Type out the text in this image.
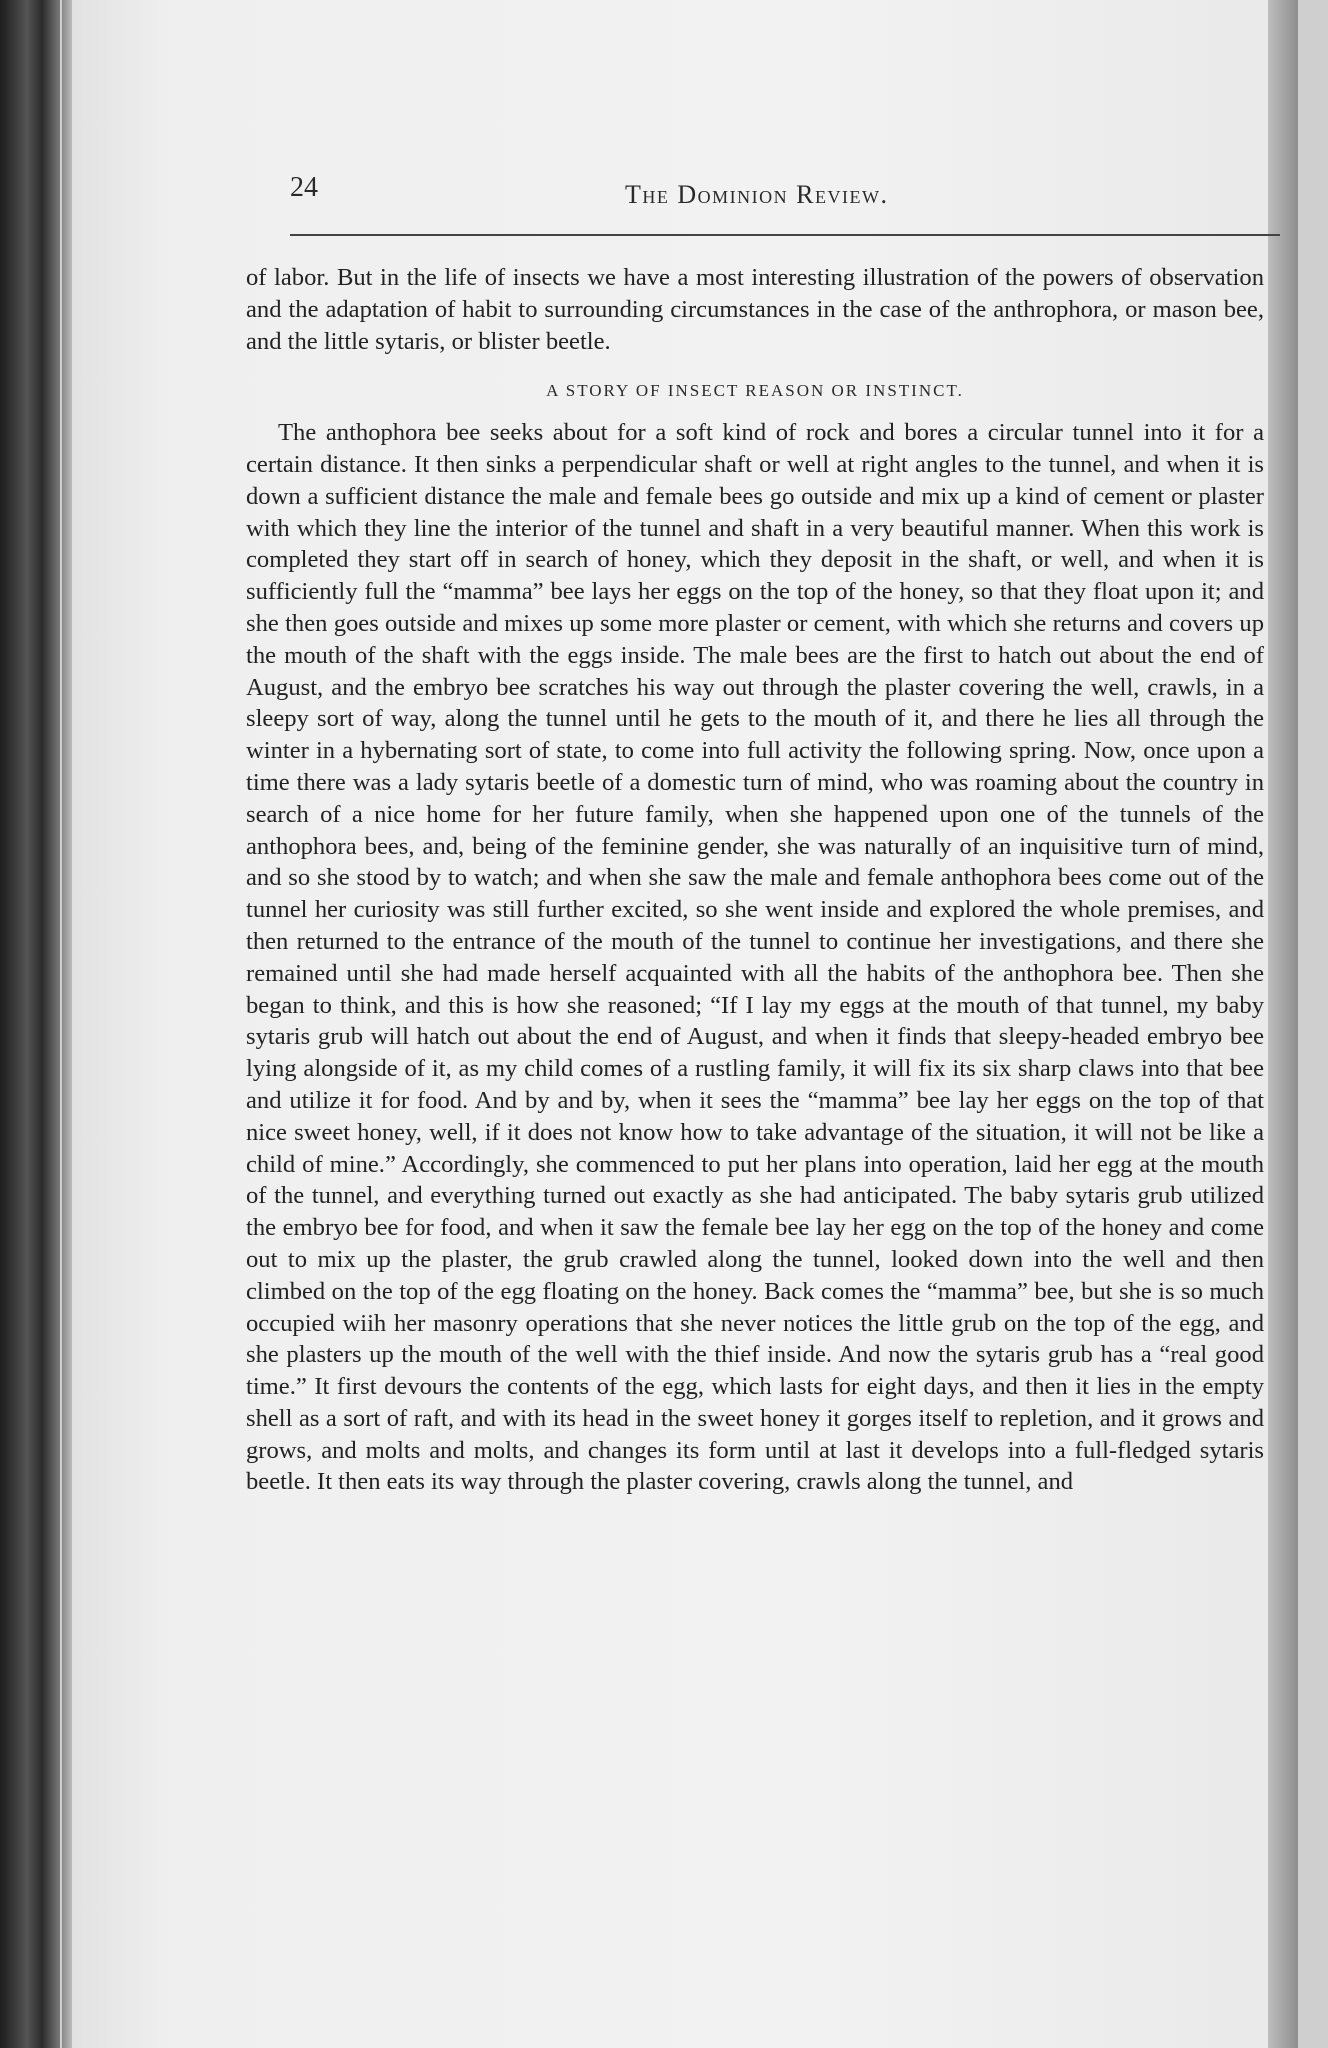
24	The Dominion Review.

of labor. But in the life of insects we have a most interesting illustration of the powers of observation and the adaptation of habit to surrounding circumstances in the case of the anthrophora, or mason bee, and the little sytaris, or blister beetle.

A STORY OF INSECT REASON OR INSTINCT.

The anthophora bee seeks about for a soft kind of rock and bores a circular tunnel into it for a certain distance. It then sinks a perpendicular shaft or well at right angles to the tunnel, and when it is down a sufficient distance the male and female bees go outside and mix up a kind of cement or plaster with which they line the interior of the tunnel and shaft in a very beautiful manner. When this work is completed they start off in search of honey, which they deposit in the shaft, or well, and when it is sufficiently full the “mamma” bee lays her eggs on the top of the honey, so that they float upon it; and she then goes outside and mixes up some more plaster or cement, with which she returns and covers up the mouth of the shaft with the eggs inside. The male bees are the first to hatch out about the end of August, and the embryo bee scratches his way out through the plaster covering the well, crawls, in a sleepy sort of way, along the tunnel until he gets to the mouth of it, and there he lies all through the winter in a hybernating sort of state, to come into full activity the following spring. Now, once upon a time there was a lady sytaris beetle of a domestic turn of mind, who was roaming about the country in search of a nice home for her future family, when she happened upon one of the tunnels of the anthophora bees, and, being of the feminine gender, she was naturally of an inquisitive turn of mind, and so she stood by to watch; and when she saw the male and female anthophora bees come out of the tunnel her curiosity was still further excited, so she went inside and explored the whole premises, and then returned to the entrance of the mouth of the tunnel to continue her investigations, and there she remained until she had made herself acquainted with all the habits of the anthophora bee. Then she began to think, and this is how she reasoned; “If I lay my eggs at the mouth of that tunnel, my baby sytaris grub will hatch out about the end of August, and when it finds that sleepy-headed embryo bee lying alongside of it, as my child comes of a rustling family, it will fix its six sharp claws into that bee and utilize it for food. And by and by, when it sees the “mamma” bee lay her eggs on the top of that nice sweet honey, well, if it does not know how to take advantage of the situation, it will not be like a child of mine.” Accordingly, she commenced to put her plans into operation, laid her egg at the mouth of the tunnel, and everything turned out exactly as she had anticipated. The baby sytaris grub utilized the embryo bee for food, and when it saw the female bee lay her egg on the top of the honey and come out to mix up the plaster, the grub crawled along the tunnel, looked down into the well and then climbed on the top of the egg floating on the honey. Back comes the “mamma” bee, but she is so much occupied wiih her masonry operations that she never notices the little grub on the top of the egg, and she plasters up the mouth of the well with the thief inside. And now the sytaris grub has a “real good time.” It first devours the contents of the egg, which lasts for eight days, and then it lies in the empty shell as a sort of raft, and with its head in the sweet honey it gorges itself to repletion, and it grows and grows, and molts and molts, and changes its form until at last it develops into a full-fledged sytaris beetle. It then eats its way through the plaster covering, crawls along the tunnel, and
